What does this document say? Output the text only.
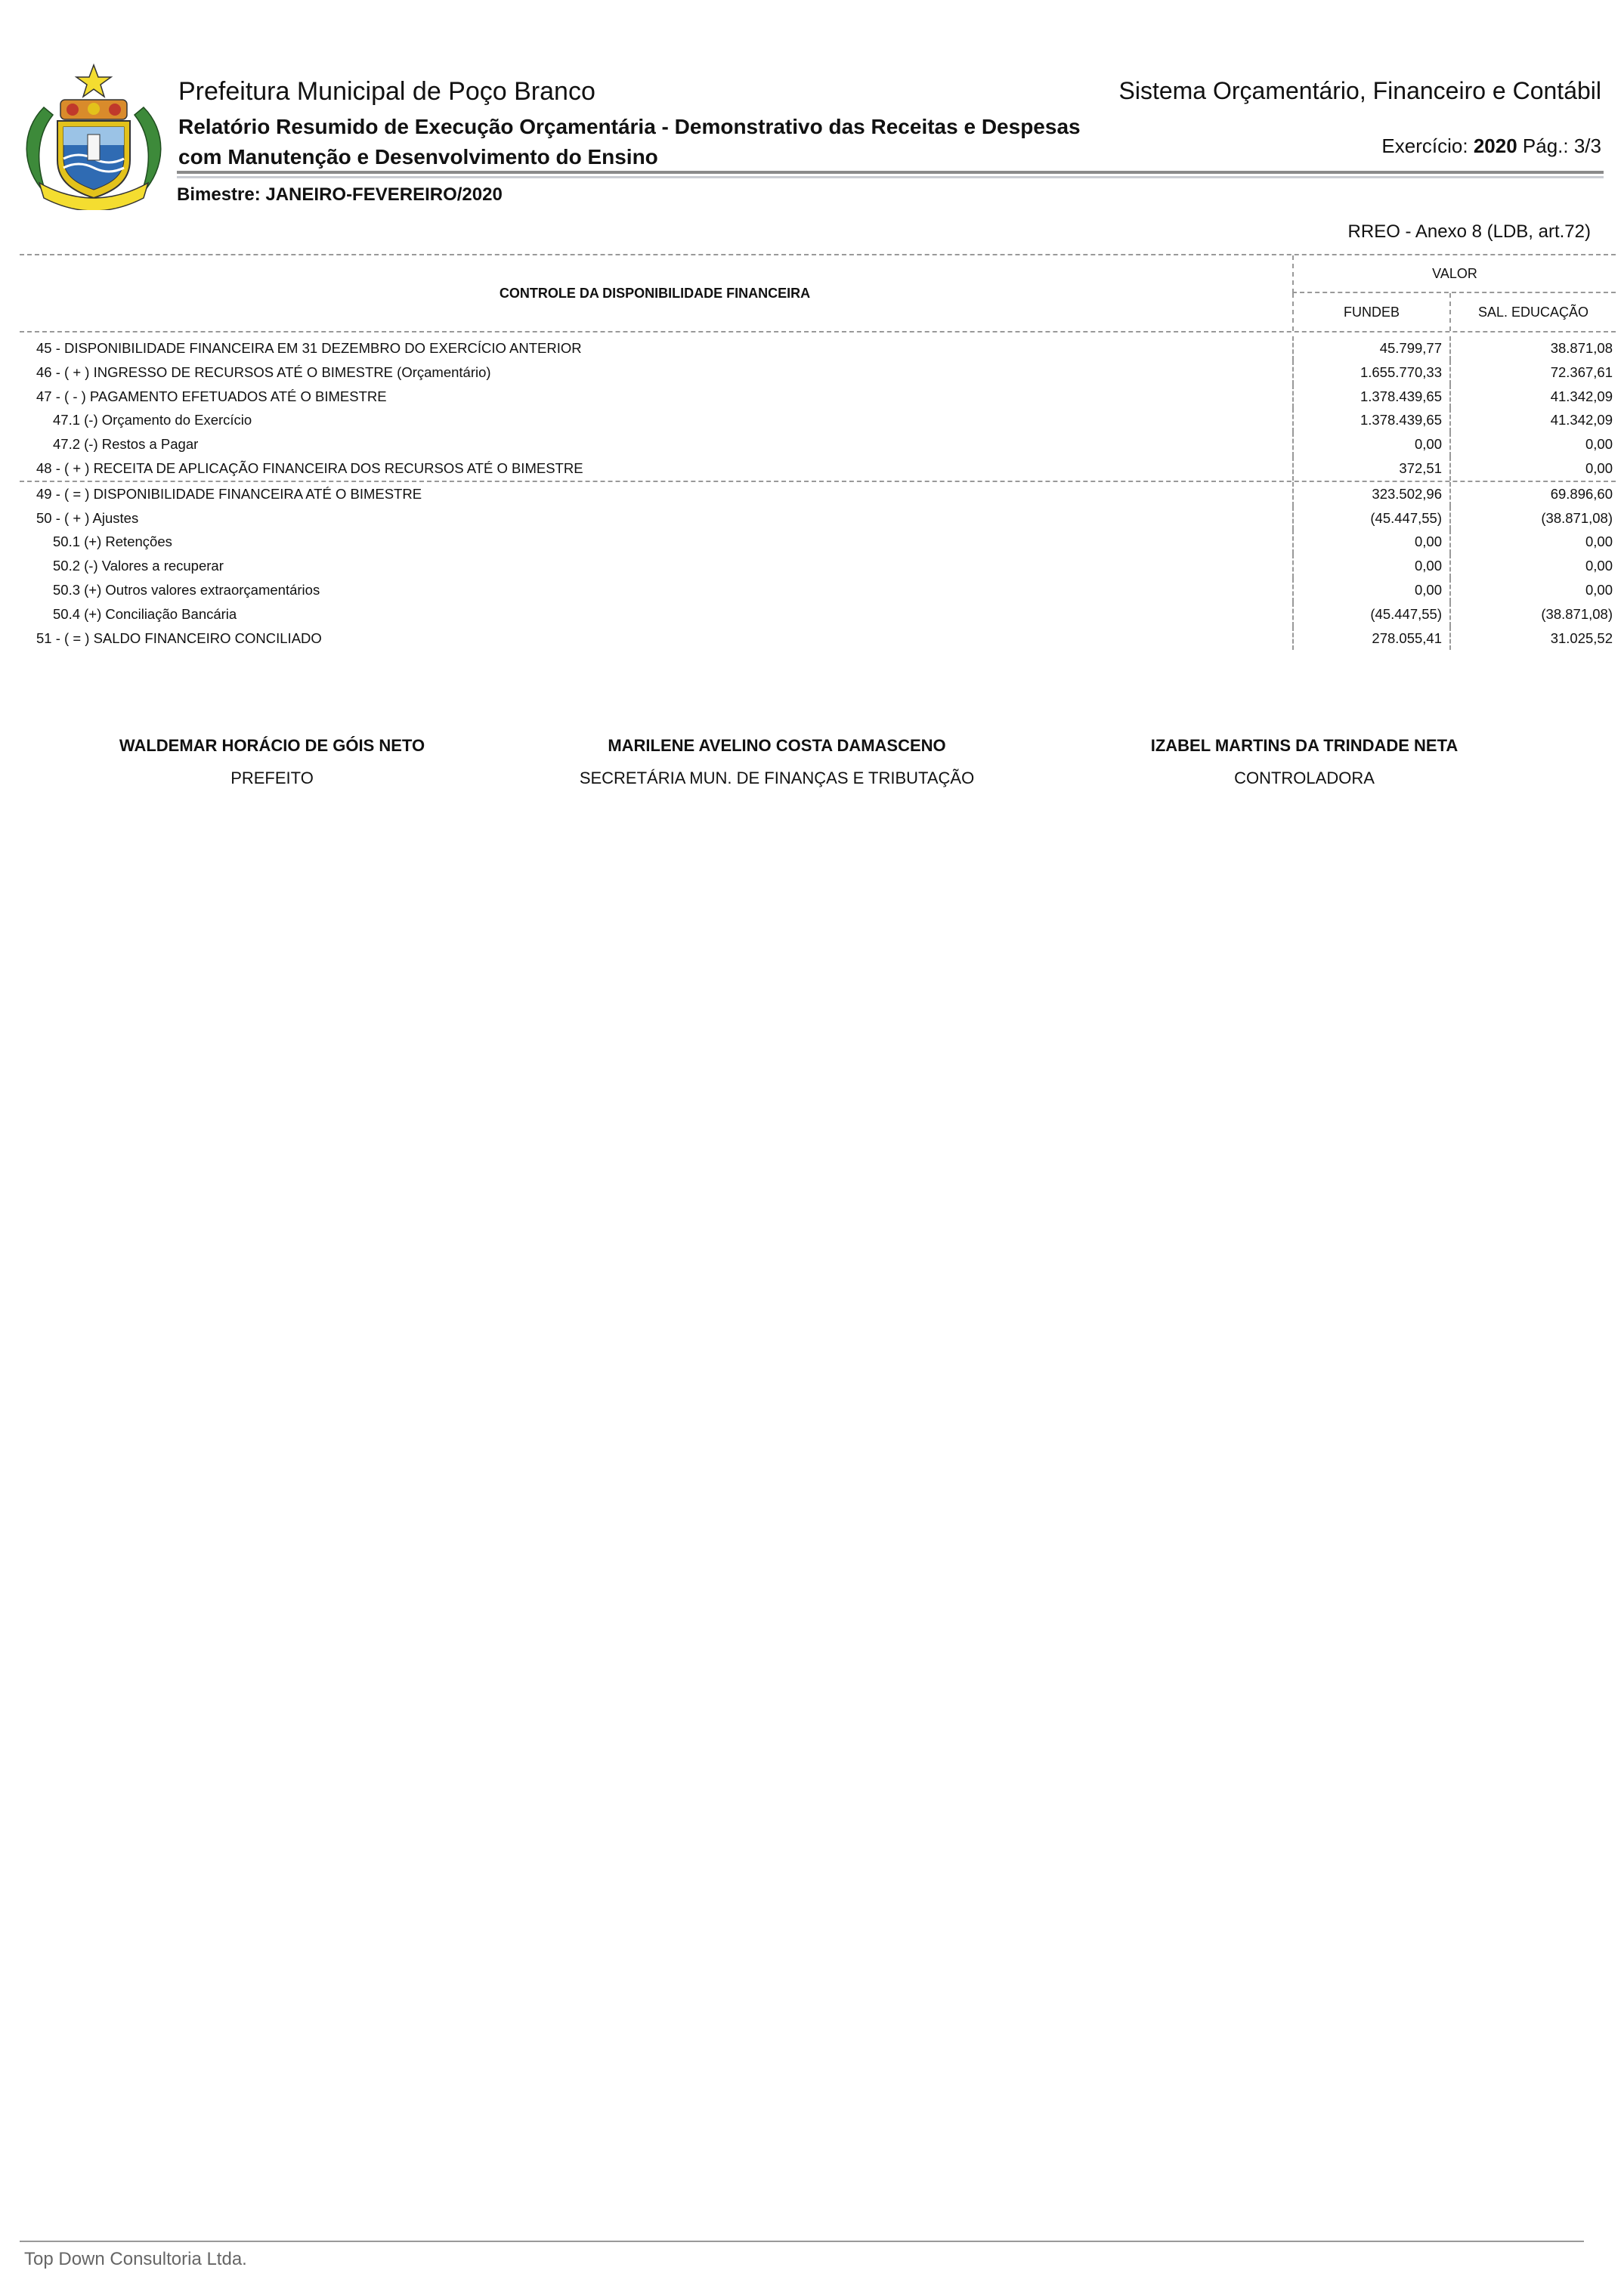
Prefeitura Municipal de Poço Branco
Relatório Resumido de Execução Orçamentária - Demonstrativo das Receitas e Despesas
com Manutenção e Desenvolvimento do Ensino
Sistema Orçamentário, Financeiro e Contábil
Exercício: 2020 Pág.: 3/3
Bimestre: JANEIRO-FEVEREIRO/2020
RREO - Anexo 8 (LDB, art.72)
CONTROLE DA DISPONIBILIDADE FINANCEIRA
VALOR
FUNDEB	SAL. EDUCAÇÃO
45 - DISPONIBILIDADE FINANCEIRA EM 31 DEZEMBRO DO EXERCÍCIO ANTERIOR	45.799,77	38.871,08
46 - ( + ) INGRESSO DE RECURSOS ATÉ O BIMESTRE (Orçamentário)	1.655.770,33	72.367,61
47 - ( - ) PAGAMENTO EFETUADOS ATÉ O BIMESTRE	1.378.439,65	41.342,09
47.1 (-) Orçamento do Exercício	1.378.439,65	41.342,09
47.2 (-) Restos a Pagar	0,00	0,00
48 - ( + ) RECEITA DE APLICAÇÃO FINANCEIRA DOS RECURSOS ATÉ O BIMESTRE	372,51	0,00
49 - ( = ) DISPONIBILIDADE FINANCEIRA ATÉ O BIMESTRE	323.502,96	69.896,60
50 - ( + ) Ajustes	(45.447,55)	(38.871,08)
50.1 (+) Retenções	0,00	0,00
50.2 (-) Valores a recuperar	0,00	0,00
50.3 (+) Outros valores extraorçamentários	0,00	0,00
50.4 (+) Conciliação Bancária	(45.447,55)	(38.871,08)
51 - ( = ) SALDO FINANCEIRO CONCILIADO	278.055,41	31.025,52
WALDEMAR HORÁCIO DE GÓIS NETO
PREFEITO
MARILENE AVELINO COSTA DAMASCENO
SECRETÁRIA MUN. DE FINANÇAS E TRIBUTAÇÃO
IZABEL MARTINS DA TRINDADE NETA
CONTROLADORA
Top Down Consultoria Ltda.
